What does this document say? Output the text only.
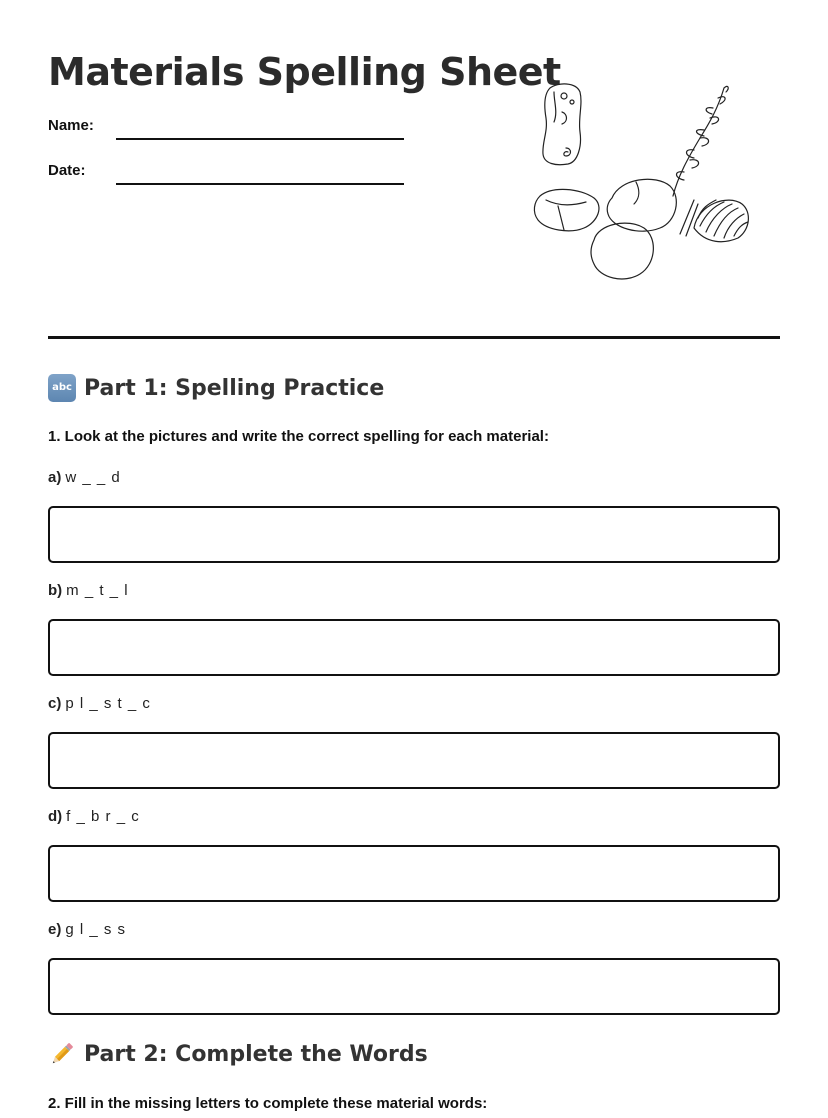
Materials Spelling Sheet
Name:
Date:
abc Part 1: Spelling Practice
1. Look at the pictures and write the correct spelling for each material:
a) w _ _ d
b) m _ t _ l
c) p l _ s t _ c
d) f _ b r _ c
e) g l _ s s
Part 2: Complete the Words
2. Fill in the missing letters to complete these material words:
